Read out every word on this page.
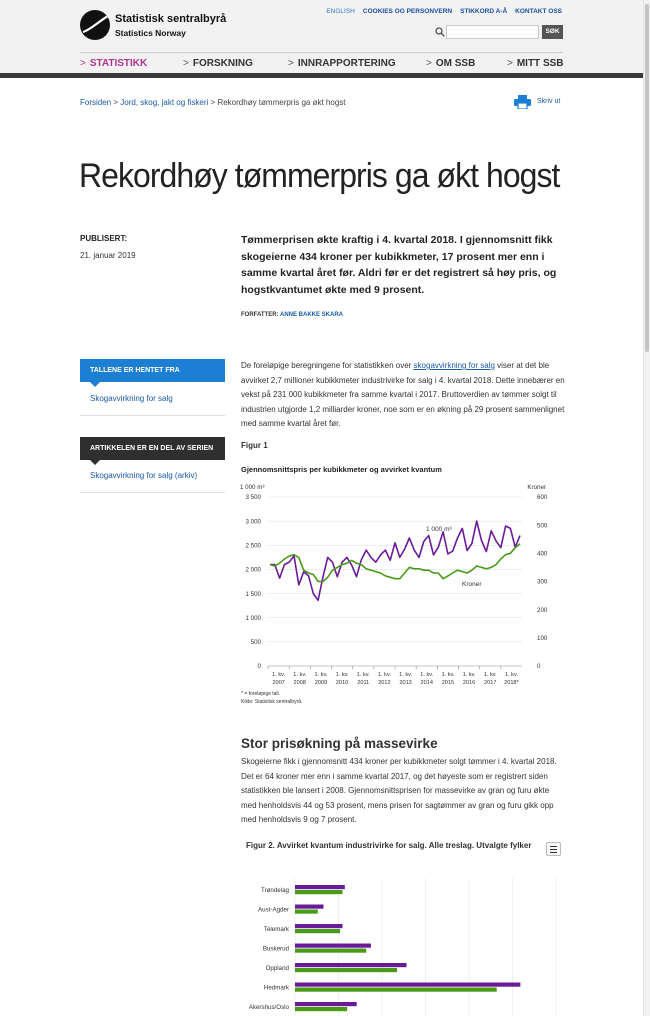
Statistisk sentralbyrå
Statistics Norway
ENGLISH COOKIES OG PERSONVERN STIKKORD A-Å KONTAKT OSS
SØK
> STATISTIKK	> FORSKNING	> INNRAPPORTERING	> OM SSB	> MITT SSB
Forsiden > Jord, skog, jakt og fiskeri > Rekordhøy tømmerpris ga økt hogst	Skriv ut
Rekordhøy tømmerpris ga økt hogst
PUBLISERT:
21. januar 2019

Tømmerprisen økte kraftig i 4. kvartal 2018. I gjennomsnitt fikk skogeierne 434 kroner per kubikkmeter, 17 prosent mer enn i samme kvartal året før. Aldri før er det registrert så høy pris, og hogstkvantumet økte med 9 prosent.

FORFATTER: ANNE BAKKE SKARA
TALLENE ER HENTET FRA
Skogavvirkning for salg
ARTIKKELEN ER EN DEL AV SERIEN
Skogavvirkning for salg (arkiv)

De foreløpige beregningene for statistikken over skogavvirkning for salg viser at det ble avvirket 2,7 millioner kubikkmeter industrivirke for salg i 4. kvartal 2018. Dette innebærer en vekst på 231 000 kubikkmeter fra samme kvartal i 2017. Bruttoverdien av tømmer solgt til industrien utgjorde 1,2 milliarder kroner, noe som er en økning på 29 prosent sammenlignet med samme kvartal året før.

Figur 1
Gjennomsnittspris per kubikkmeter og avvirket kvantum
1 000 m³	Kroner
0
500
1 000
1 500
2 000
2 500
3 000
3 500
0
100
200
300
400
500
600
1 000 m³
Kroner
1. kv.
2007
1. kv.
2008
1. kv.
2009
1. kv.
2010
1. kv.
2011
1. kv.
2012
1. kv.
2013
1. kv.
2014
1. kv.
2015
1. kv.
2016
1. kv.
2017
1. kv.
2018*
* = foreløpige tall.
Kilde: Statistisk sentralbyrå.
Stor prisøkning på massevirke

Skogeierne fikk i gjennomsnitt 434 kroner per kubikkmeter solgt tømmer i 4. kvartal 2018. Det er 64 kroner mer enn i samme kvartal 2017, og det høyeste som er registrert siden statistikken ble lansert i 2008. Gjennomsnittsprisen for massevirke av gran og furu økte med henholdsvis 44 og 53 prosent, mens prisen for sagtømmer av gran og furu gikk opp med henholdsvis 9 og 7 prosent.

Figur 2. Avvirket kvantum industrivirke for salg. Alle treslag. Utvalgte fylker
Trøndelag
Aust-Agder
Telemark
Buskerud
Oppland
Hedmark
Akershus/Oslo
